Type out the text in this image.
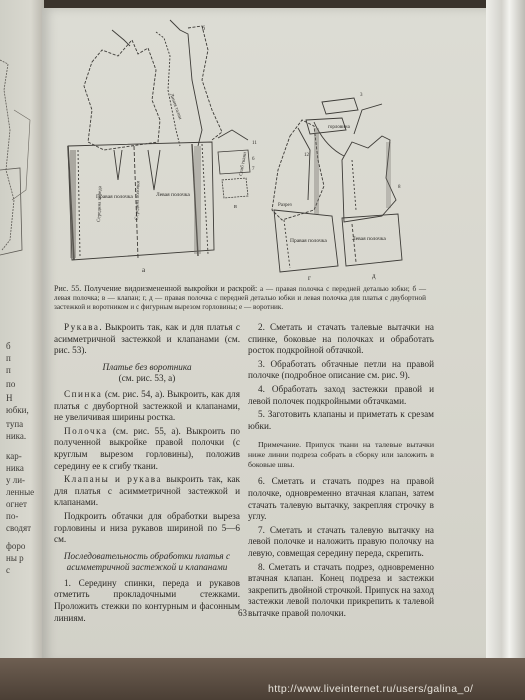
Н
юбки,
тупа
ника.
кар-
ника
у ли-
ленные
огнет
по-
сводят
форо
ны р
с
б
п
п
по
Правая полочка	Левая полочка
Середина полочки
Середина переда
Линия талии
Сгиб ткани
Правая полочка	Левая полочка
Разрез
горловина
а
б
в
г	д
11
6
7
3
12
8
Рис. 55. Получение видоизмененной выкройки и раскрой: а — правая полочка с передней деталью юбки; б — левая полочка; в — клапан; г, д — правая полочка с передней деталью юбки и левая полочка для платья с двубортной застежкой и воротником и с фигурным вырезом горловины; е — воротник.

Рукава. Выкроить так, как и для платья с асимметричной застежкой и клапанами (см. рис. 53).

Платье без воротника

(см. рис. 53, а)

Спинка (см. рис. 54, а). Выкроить, как для платья с двубортной застежкой и клапанами, не увеличивая ширины ростка.

Полочка (см. рис. 55, а). Выкроить по полученной выкройке правой полочки (с круглым вырезом горловины), положив середину ее к сгибу ткани.

Клапаны и рукава выкроить так, как для платья с асимметричной застежкой и клапанами.

Подкроить обтачки для обработки выреза горловины и низа рукавов шириной по 5—6 см.

Последовательность обработки платья с асимметричной застежкой и клапанами

1. Середину спинки, переда и рукавов отметить прокладочными стежками. Проложить стежки по контурным и фасонным линиям.

2. Сметать и стачать талевые вытачки на спинке, боковые на полочках и обработать росток подкройной обтачкой.

3. Обработать обтачные петли на правой полочке (подробное описание см. рис. 9).

4. Обработать заход застежки правой и левой полочек подкройными обтачками.

5. Заготовить клапаны и приметать к срезам юбки.

Примечание. Припуск ткани на талевые вытачки ниже линии подреза собрать в сборку или заложить в боковые швы.

6. Сметать и стачать подрез на правой полочке, одновременно втачная клапан, затем стачать талевую вытачку, закрепляя строчку в углу.

7. Сметать и стачать талевую вытачку на левой полочке и наложить правую полочку на левую, совмещая середину переда, скрепить.

8. Сметать и стачать подрез, одновременно втачная клапан. Конец подреза и застежки закрепить двойной строчкой. Припуск на заход застежки левой полочки прикрепить к талевой вытачке правой полочки.

63
http://www.liveinternet.ru/users/galina_o/
